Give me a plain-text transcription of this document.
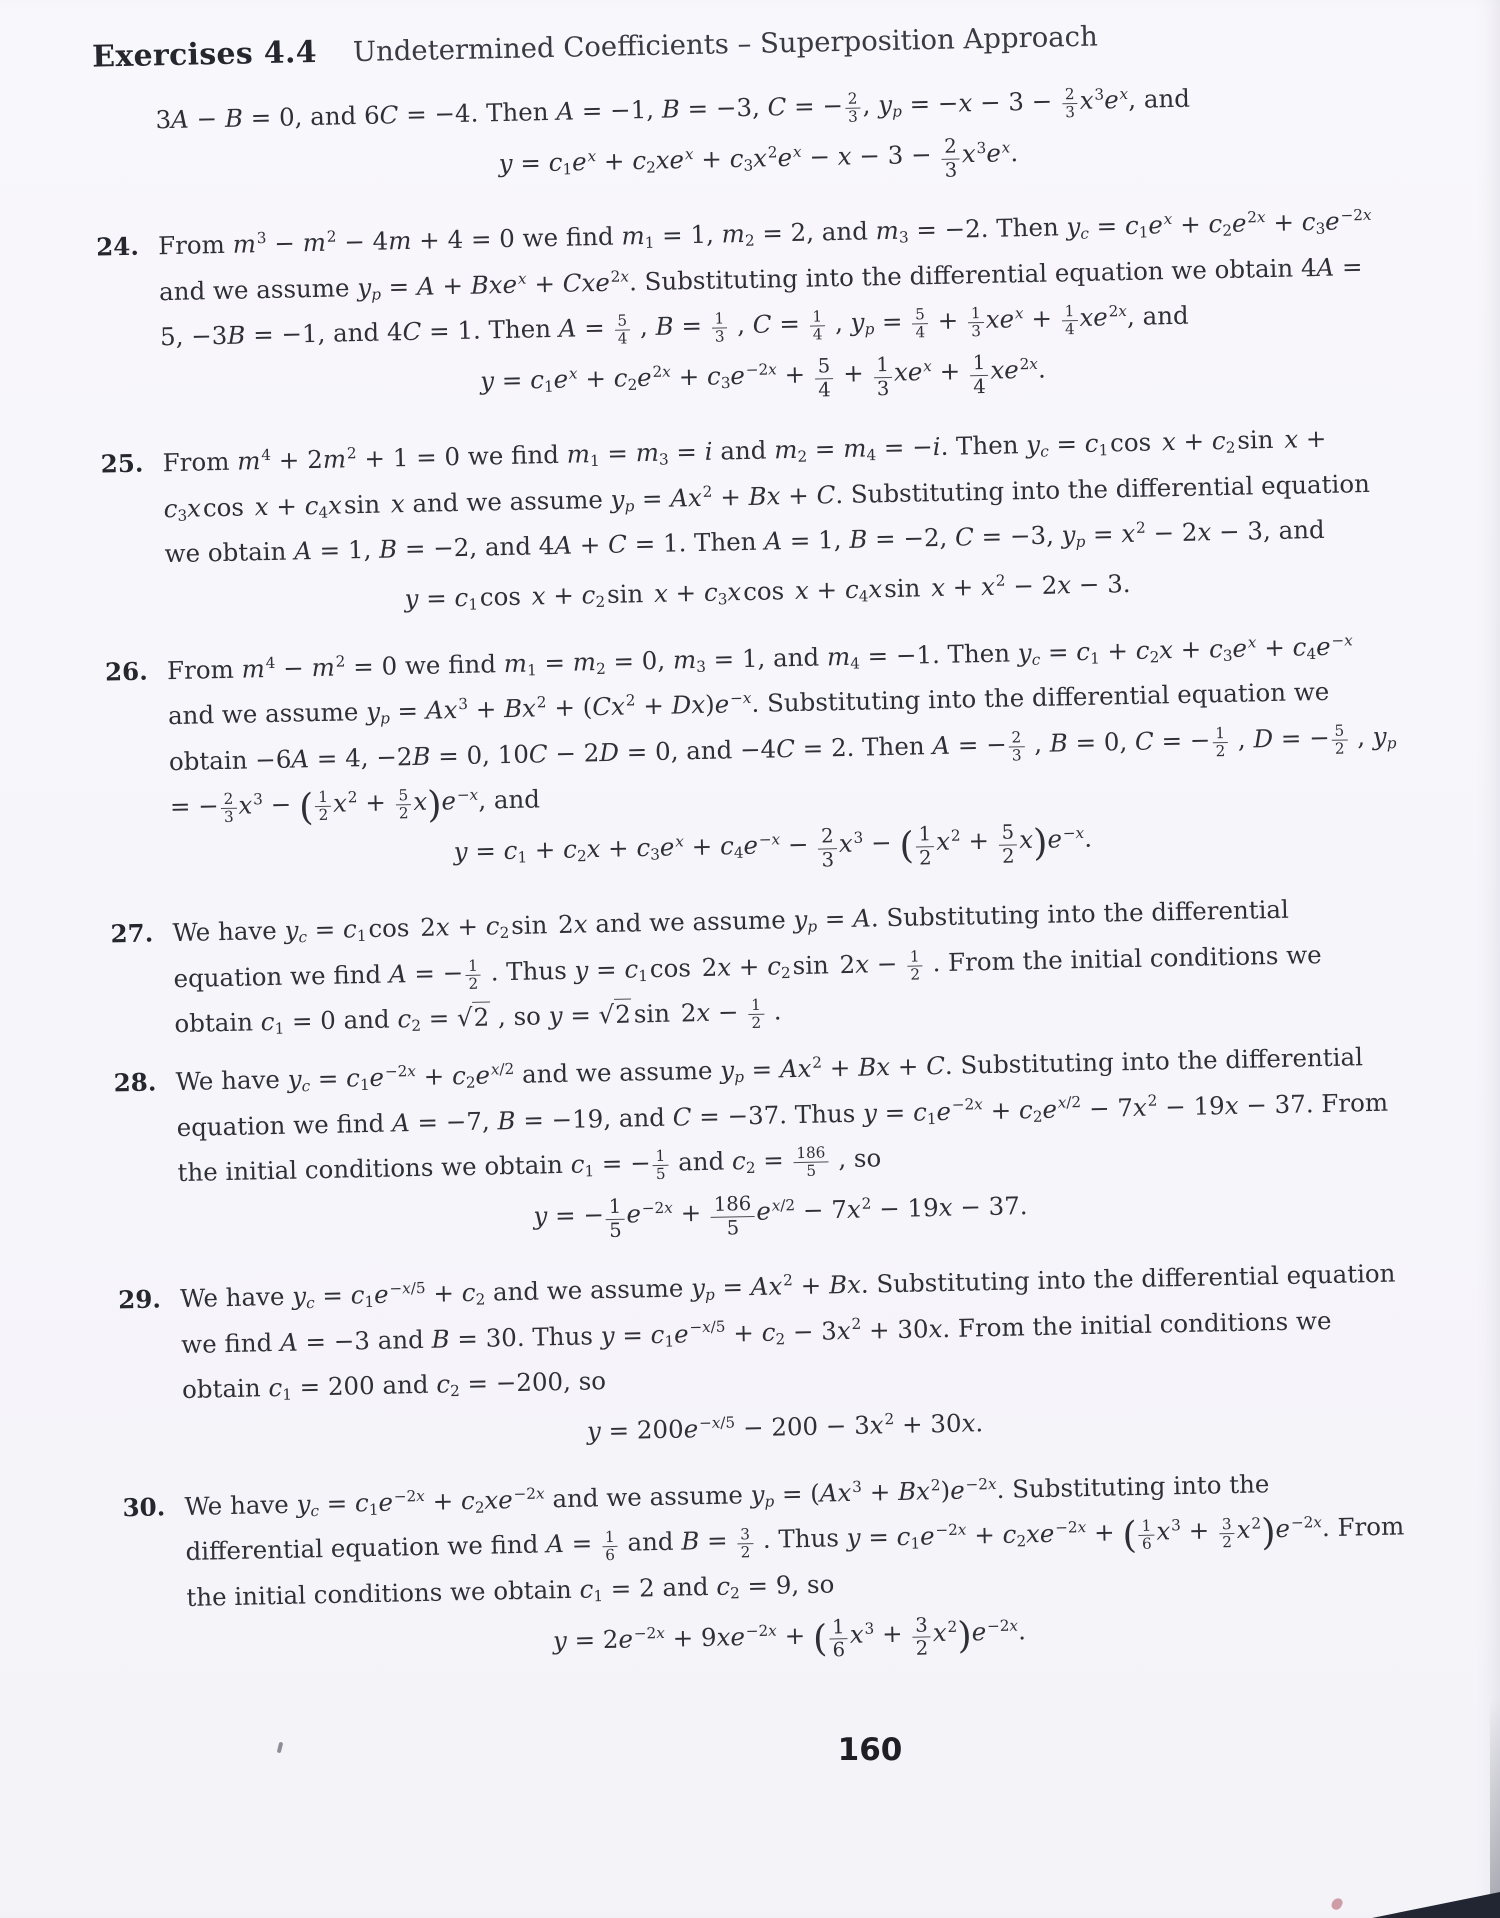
Exercises 4.4 Undetermined Coefficients – Superposition Approach
3A − B = 0, and 6C = −4. Then A = −1, B = −3, C = − $\frac{2}{3}$ , $y_p = -x - 3 - \frac{2}{3} x^3e^x$, and
$y = c_1e^x + c_2xe^x + c_3x^2e^x - x - 3 - \frac{2}{3} x^3e^x$.
24. From $m^3 - m^2 - 4m + 4 = 0$ we find $m_1 = 1$, $m_2 = 2$, and $m_3 = -2$. Then $y_c = c_1e^x + c_2e^{2x} + c_3e^{-2x}$ and we assume $y_p = A + Bxe^x + Cxe^{2x}$. Substituting into the differential equation we obtain 4A = 5, −3B = −1, and 4C = 1. Then $A = \frac{5}{4}$ , $B = \frac{1}{3}$ , $C = \frac{1}{4}$ , $y_p = \frac{5}{4} + \frac{1}{3} xe^x + \frac{1}{4} xe^{2x}$, and
$y = c_1e^x + c_2e^{2x} + c_3e^{-2x} + \frac{5}{4} + \frac{1}{3} xe^x + \frac{1}{4} xe^{2x}$.
25. From $m^4 + 2m^2 + 1 = 0$ we find $m_1 = m_3 = i$ and $m_2 = m_4 = -i$. Then $y_c = c_1\cos$ $x + c_2\sin$ $x + c_3xcos$ $x + c_4xsin$ x and we assume $y_p = Ax^2 + Bx + C$. Substituting into the differential equation we obtain A = 1, B = −2, and 4A + C = 1. Then A = 1, B = −2, C = −3, $y_p = x^2 - 2x - 3$, and
$y = c_1\cos$ $x + c_2\sin$ $x + c_3xcos$ $x + c_4xsin$ $x + x^2 - 2x - 3$.
26. From $m^4 - m^2 = 0$ we find $m_1 = m_2 = 0$, $m_3 = 1$, and $m_4 = -1$. Then $y_c = c_1 + c_2x + c_3e^x + c_4e^{-x}$ and we assume $y_p = Ax^3 + Bx^2 + (Cx^2 + Dx)e^{-x}$. Substituting into the differential equation we obtain −6A = 4, −2B = 0, 10C − 2D = 0, and −4C = 2. Then A = − $\frac{2}{3}$ , B = 0, C = − $\frac{1}{2}$ , D = − $\frac{5}{2}$ , $y_p$ = − $\frac{2}{3} x^3$ − ( $\frac{1}{2} x^2 + \frac{5}{2} x)e^{-x}$, and
$y = c_1 + c_2x + c_3e^x + c_4e^{-x} - \frac{2}{3} x^3$ − ( $\frac{1}{2} x^2 + \frac{5}{2} x)e^{-x}$.
27. We have $y_c = c_1\cos$ $2x + c_2\sin$ 2x and we assume $y_p = A$. Substituting into the differential equation we find A = − $\frac{1}{2}$ . Thus $y = c_1\cos$ $2x + c_2\sin$ $2x - \frac{1}{2}$ . From the initial conditions we obtain $c_1 = 0$ and $c_2 = √2$ , so y = √2sin $2x - \frac{1}{2}$ .
28. We have $y_c = c_1e^{-2x} + c_2e^{x/2}$ and we assume $y_p = Ax^2 + Bx + C$. Substituting into the differential equation we find A = −7, B = −19, and C = −37. Thus $y = c_1e^{-2x} + c_2e^{x/2} - 7x^2 - 19x - 37$. From the initial conditions we obtain $c_1$ = − $\frac{1}{5}$ and $c_2 = \frac{186}{5}$ , so
y = − $\frac{1}{5} e^{-2x} + \frac{186}{5} e^{x/2} - 7x^2 - 19x - 37$.
29. We have $y_c = c_1e^{-x/5} + c_2$ and we assume $y_p = Ax^2 + Bx$. Substituting into the differential equation we find A = −3 and B = 30. Thus $y = c_1e^{-x/5} + c_2 - 3x^2 + 30x$. From the initial conditions we obtain $c_1 = 200$ and $c_2 = -200$, so
$y = 200e^{-x/5} - 200 - 3x^2 + 30x$.
30. We have $y_c = c_1e^{-2x} + c_2xe^{-2x}$ and we assume $y_p = (Ax^3 + Bx^2)e^{-2x}$. Substituting into the differential equation we find $A = \frac{1}{6}$ and $B = \frac{3}{2}$ . Thus $y = c_1e^{-2x} + c_2xe^{-2x}$ + ( $\frac{1}{6} x^3 + \frac{3}{2} x^2)e^{-2x}$. From the initial conditions we obtain $c_1 = 2$ and $c_2 = 9$, so
$y = 2e^{-2x} + 9xe^{-2x}$ + ( $\frac{1}{6} x^3 + \frac{3}{2} x^2)e^{-2x}$.
160
